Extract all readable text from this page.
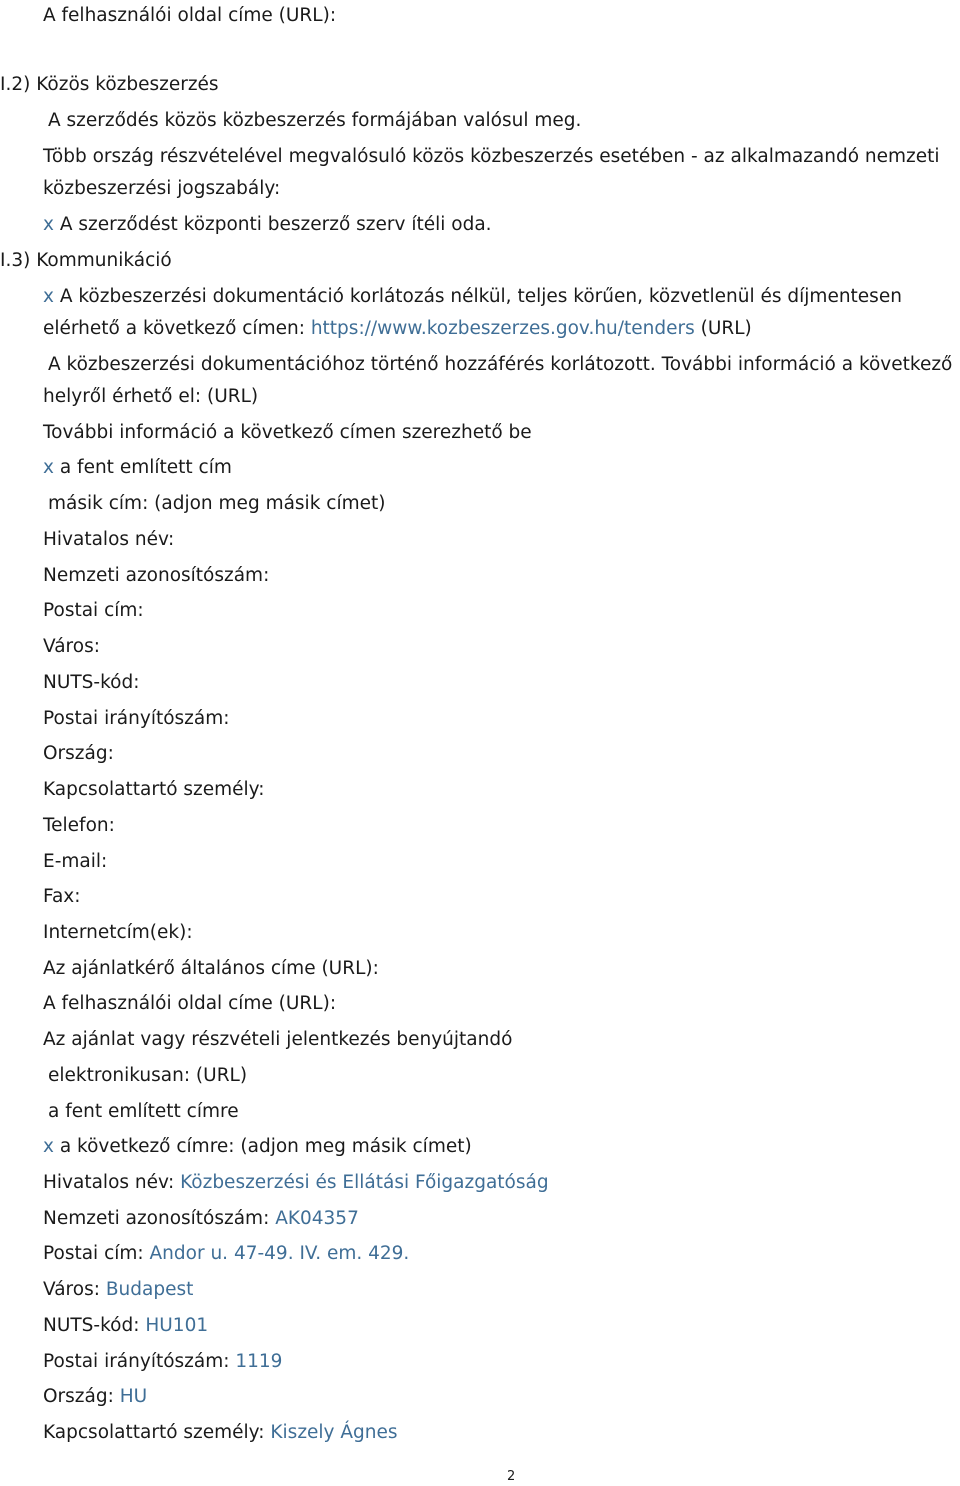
A felhasználói oldal címe (URL):
I.2) Közös közbeszerzés
A szerződés közös közbeszerzés formájában valósul meg.
Több ország részvételével megvalósuló közös közbeszerzés esetében - az alkalmazandó nemzeti
közbeszerzési jogszabály:
x A szerződést központi beszerző szerv ítéli oda.
I.3) Kommunikáció
x A közbeszerzési dokumentáció korlátozás nélkül, teljes körűen, közvetlenül és díjmentesen
elérhető a következő címen: https://www.kozbeszerzes.gov.hu/tenders (URL)
A közbeszerzési dokumentációhoz történő hozzáférés korlátozott. További információ a következő
helyről érhető el: (URL)
További információ a következő címen szerezhető be
x a fent említett cím
másik cím: (adjon meg másik címet)
Hivatalos név:
Nemzeti azonosítószám:
Postai cím:
Város:
NUTS-kód:
Postai irányítószám:
Ország:
Kapcsolattartó személy:
Telefon:
E-mail:
Fax:
Internetcím(ek):
Az ajánlatkérő általános címe (URL):
A felhasználói oldal címe (URL):
Az ajánlat vagy részvételi jelentkezés benyújtandó
elektronikusan: (URL)
a fent említett címre
x a következő címre: (adjon meg másik címet)
Hivatalos név: Közbeszerzési és Ellátási Főigazgatóság
Nemzeti azonosítószám: AK04357
Postai cím: Andor u. 47-49. IV. em. 429.
Város: Budapest
NUTS-kód: HU101
Postai irányítószám: 1119
Ország: HU
Kapcsolattartó személy: Kiszely Ágnes
2
